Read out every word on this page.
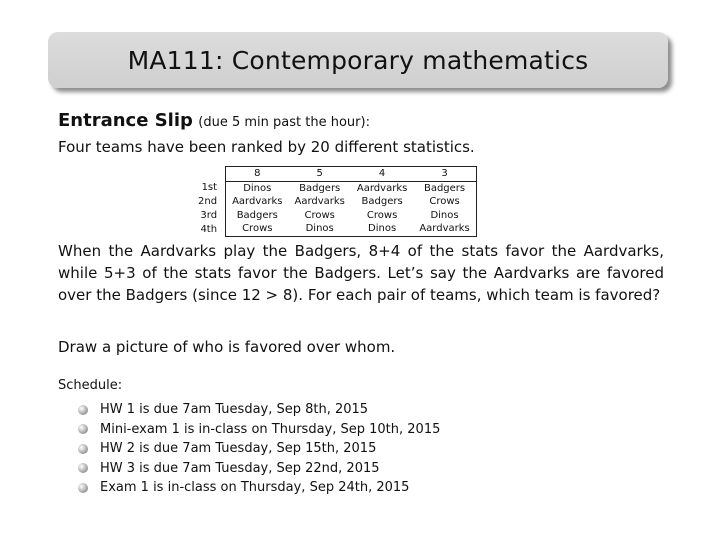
MA111: Contemporary mathematics
Entrance Slip (due 5 min past the hour):
Four teams have been ranked by 20 different statistics.
	8	5	4	3
1st	Dinos	Badgers	Aardvarks	Badgers
2nd	Aardvarks	Aardvarks	Badgers	Crows
3rd	Badgers	Crows	Crows	Dinos
4th	Crows	Dinos	Dinos	Aardvarks
When the Aardvarks play the Badgers, 8+4 of the stats favor the Aardvarks, while 5+3 of the stats favor the Badgers. Let’s say the Aardvarks are favored over the Badgers (since 12 > 8). For each pair of teams, which team is favored?
Draw a picture of who is favored over whom.
Schedule:
HW 1 is due 7am Tuesday, Sep 8th, 2015
Mini-exam 1 is in-class on Thursday, Sep 10th, 2015
HW 2 is due 7am Tuesday, Sep 15th, 2015
HW 3 is due 7am Tuesday, Sep 22nd, 2015
Exam 1 is in-class on Thursday, Sep 24th, 2015
